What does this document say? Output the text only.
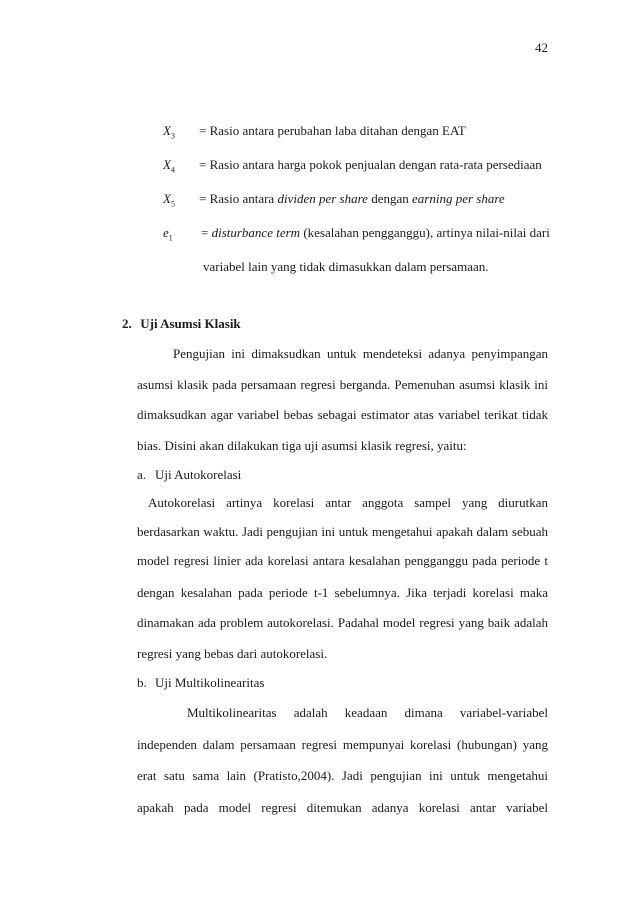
42
$X_3$ = Rasio antara perubahan laba ditahan dengan EAT
$X_4$ = Rasio antara harga pokok penjualan dengan rata-rata persediaan
$X_5$ = Rasio antara dividen per share dengan earning per share
$e_1$ = disturbance term (kesalahan pengganggu), artinya nilai-nilai dari
variabel lain yang tidak dimasukkan dalam persamaan.
2. Uji Asumsi Klasik
Pengujian ini dimaksudkan untuk mendeteksi adanya penyimpangan
asumsi klasik pada persamaan regresi berganda. Pemenuhan asumsi klasik ini
dimaksudkan agar variabel bebas sebagai estimator atas variabel terikat tidak
bias. Disini akan dilakukan tiga uji asumsi klasik regresi, yaitu:
a. Uji Autokorelasi
Autokorelasi artinya korelasi antar anggota sampel yang diurutkan
berdasarkan waktu. Jadi pengujian ini untuk mengetahui apakah dalam sebuah
model regresi linier ada korelasi antara kesalahan pengganggu pada periode t
dengan kesalahan pada periode t-1 sebelumnya. Jika terjadi korelasi maka
dinamakan ada problem autokorelasi. Padahal model regresi yang baik adalah
regresi yang bebas dari autokorelasi.
b. Uji Multikolinearitas
Multikolinearitas adalah keadaan dimana variabel-variabel
independen dalam persamaan regresi mempunyai korelasi (hubungan) yang
erat satu sama lain (Pratisto,2004). Jadi pengujian ini untuk mengetahui
apakah pada model regresi ditemukan adanya korelasi antar variabel
